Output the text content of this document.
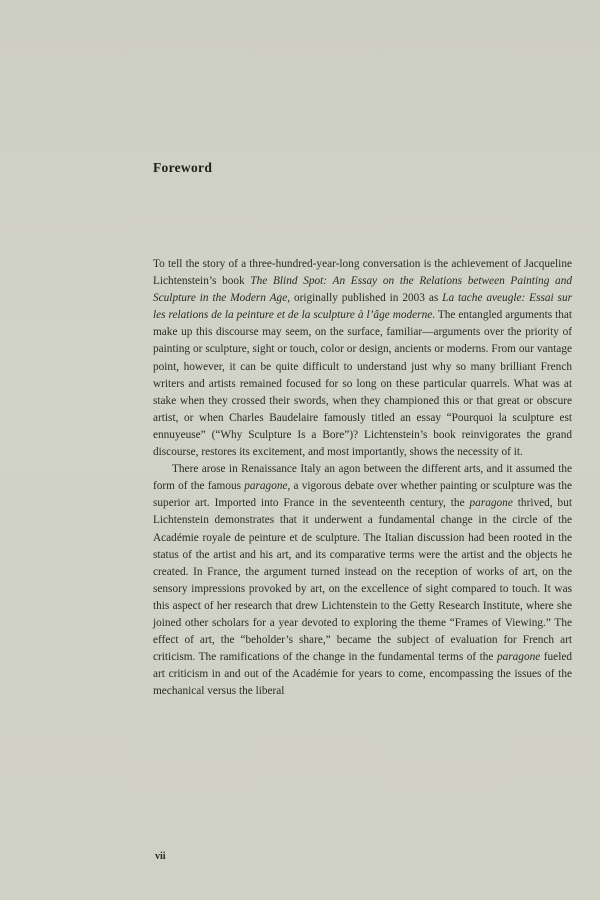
Foreword

To tell the story of a three-hundred-year-long conversation is the achievement of Jacqueline Lichtenstein’s book The Blind Spot: An Essay on the Relations between Painting and Sculpture in the Modern Age, originally published in 2003 as La tache aveugle: Essai sur les relations de la peinture et de la sculpture à l’âge moderne. The entangled arguments that make up this discourse may seem, on the surface, familiar—arguments over the priority of painting or sculpture, sight or touch, color or design, ancients or moderns. From our vantage point, however, it can be quite difficult to understand just why so many brilliant French writers and artists remained focused for so long on these particular quarrels. What was at stake when they crossed their swords, when they championed this or that great or obscure artist, or when Charles Baudelaire famously titled an essay “Pourquoi la sculpture est ennuyeuse” (“Why Sculpture Is a Bore”)? Lichtenstein’s book reinvigorates the grand discourse, restores its excitement, and most importantly, shows the necessity of it.

There arose in Renaissance Italy an agon between the different arts, and it assumed the form of the famous paragone, a vigorous debate over whether painting or sculpture was the superior art. Imported into France in the seventeenth century, the paragone thrived, but Lichtenstein demonstrates that it underwent a fundamental change in the circle of the Académie royale de peinture et de sculpture. The Italian discussion had been rooted in the status of the artist and his art, and its comparative terms were the artist and the objects he created. In France, the argument turned instead on the reception of works of art, on the sensory impressions provoked by art, on the excellence of sight compared to touch. It was this aspect of her research that drew Lichtenstein to the Getty Research Institute, where she joined other scholars for a year devoted to exploring the theme “Frames of Viewing.” The effect of art, the “beholder’s share,” became the subject of evaluation for French art criticism. The ramifications of the change in the fundamental terms of the paragone fueled art criticism in and out of the Académie for years to come, encompassing the issues of the mechanical versus the liberal

vii
